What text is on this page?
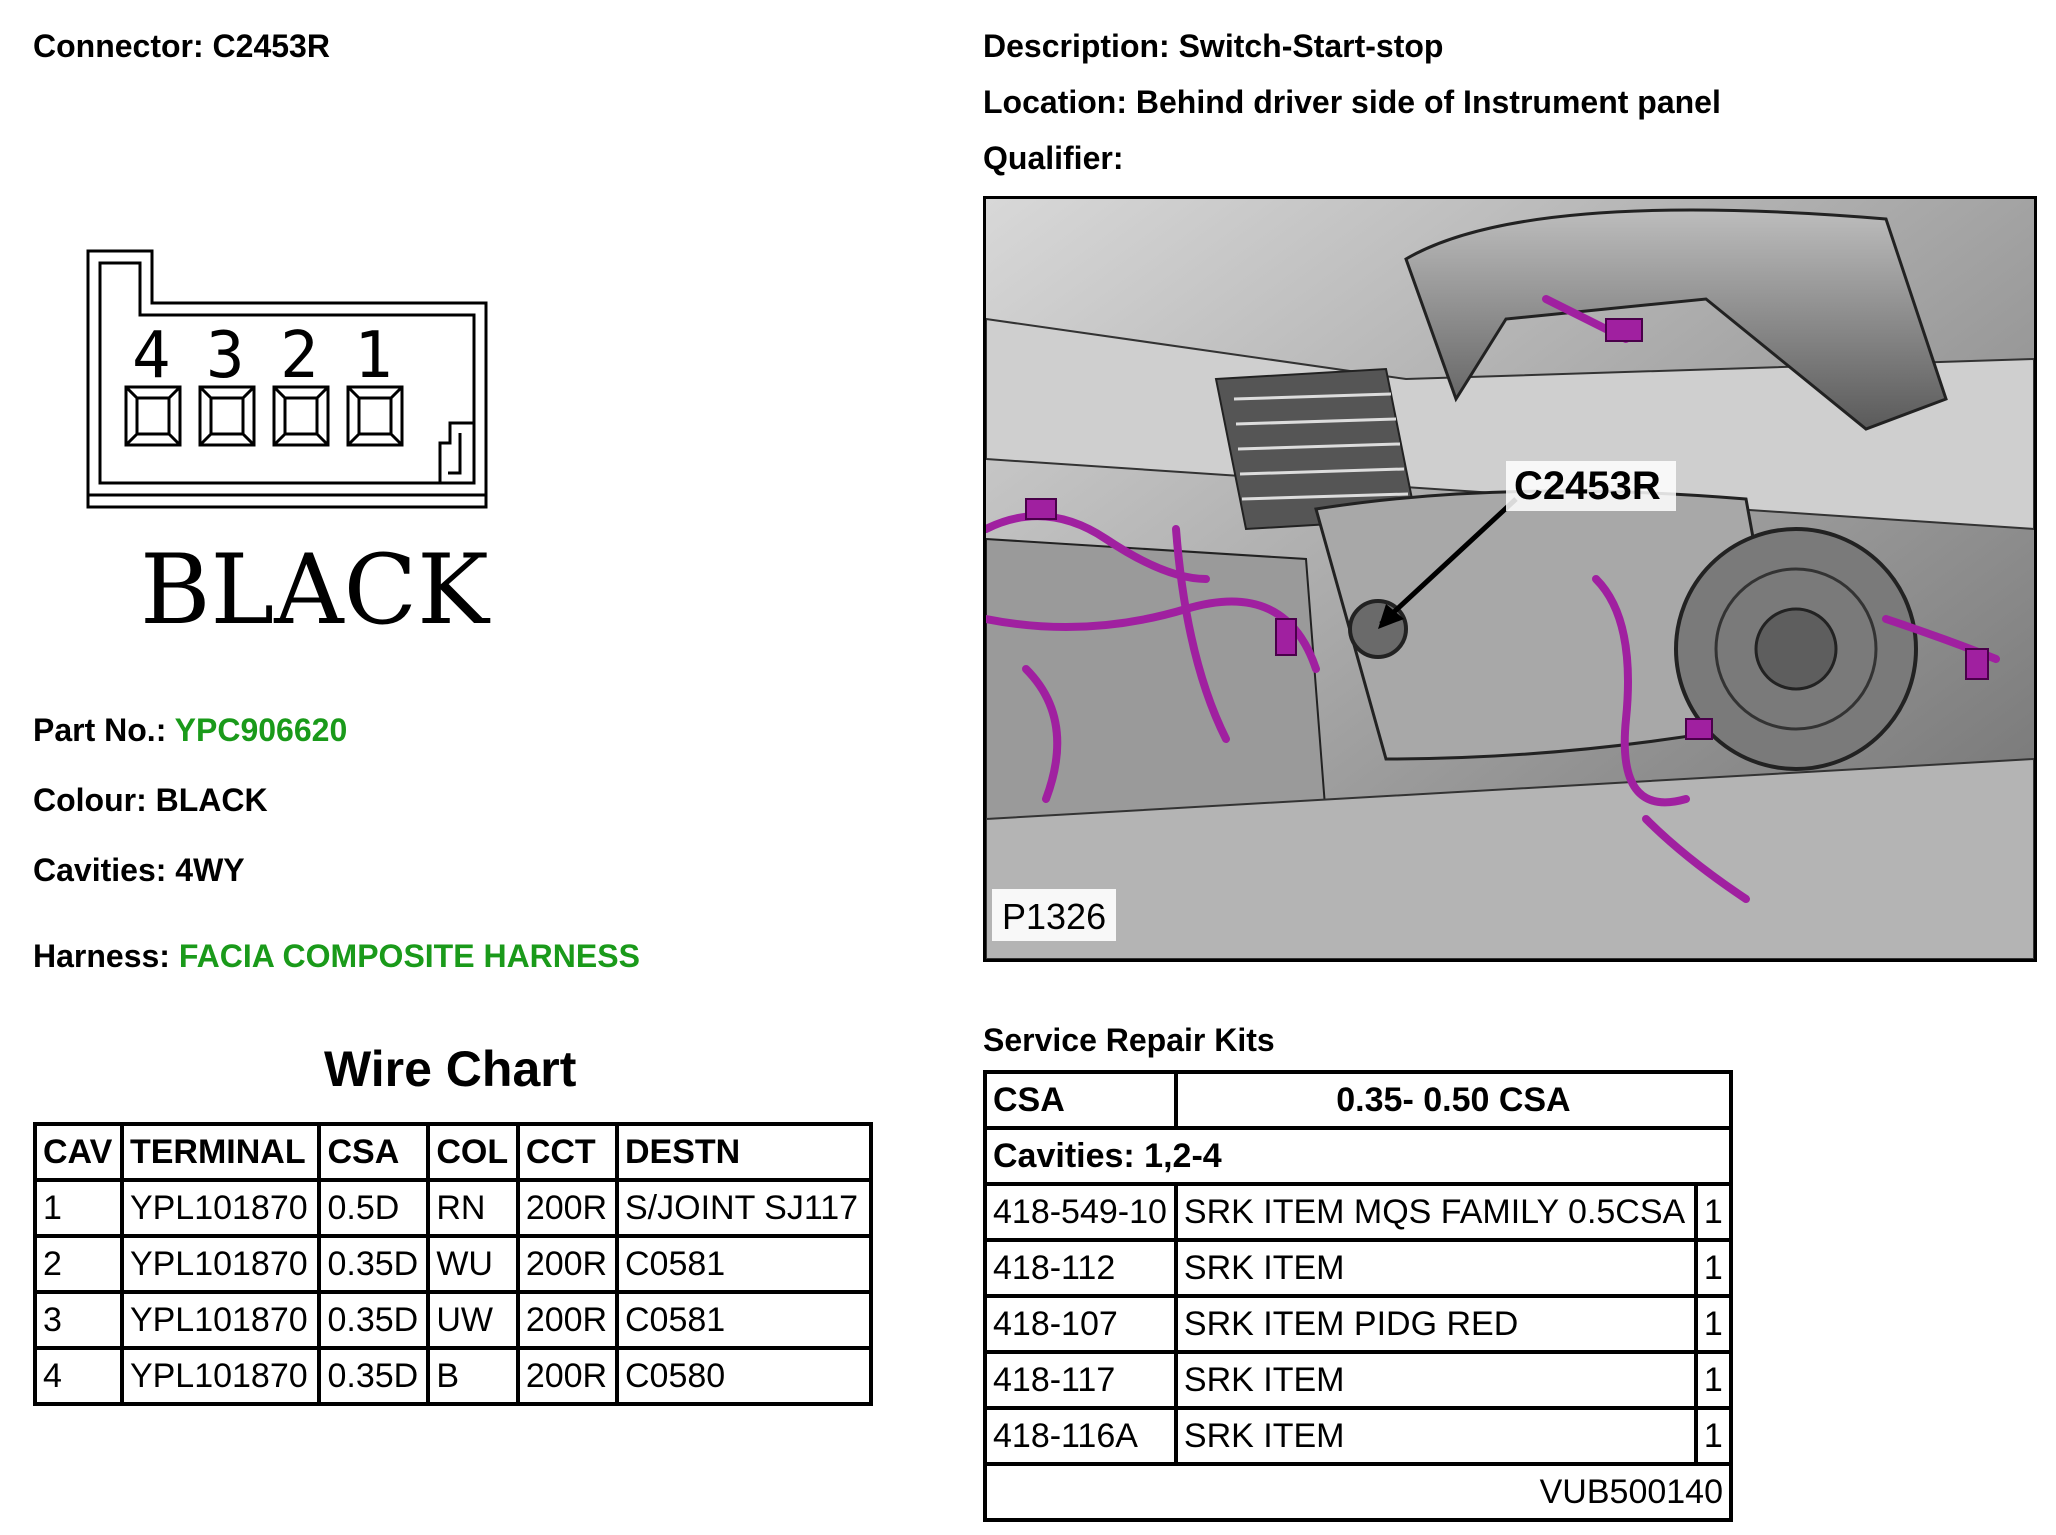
Connector: C2453R	Description: Switch-Start-stop
Location: Behind driver side of Instrument panel
Qualifier:
4 3 2 1
BLACK
Part No.: YPC906620
Colour: BLACK
Cavities: 4WY
Harness: FACIA COMPOSITE HARNESS
C2453R
P1326
Wire Chart
CAV	TERMINAL	CSA	COL	CCT	DESTN
1	YPL101870	0.5D	RN	200R	S/JOINT SJ117
2	YPL101870	0.35D	WU	200R	C0581
3	YPL101870	0.35D	UW	200R	C0581
4	YPL101870	0.35D	B	200R	C0580
Service Repair Kits
CSA	0.35- 0.50 CSA	
Cavities: 1,2-4		
418-549-10	SRK ITEM MQS FAMILY 0.5CSA	1
418-112	SRK ITEM	1
418-107	SRK ITEM PIDG RED	1
418-117	SRK ITEM	1
418-116A	SRK ITEM	1
VUB500140		
